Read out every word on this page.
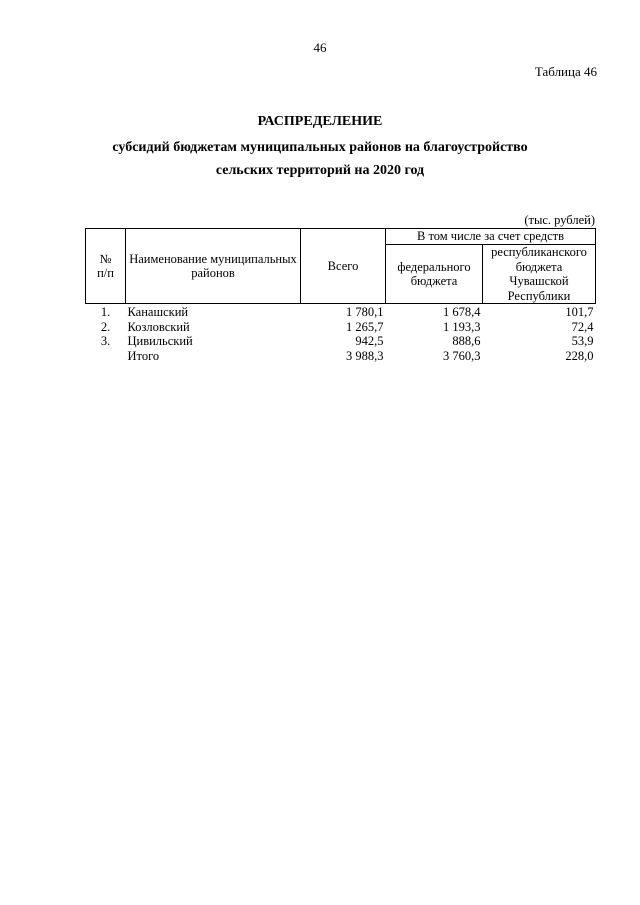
46
Таблица 46
РАСПРЕДЕЛЕНИЕ
субсидий бюджетам муниципальных районов на благоустройство
сельских территорий на 2020 год
(тыс. рублей)
№
п/п	Наименование муниципальных районов	Всего	В том числе за счет средств	
			федерального бюджета	республиканского бюджета Чувашской Республики
1.	Канашский	1 780,1	1 678,4	101,7
2.	Козловский	1 265,7	1 193,3	72,4
3.	Цивильский	942,5	888,6	53,9
	Итого	3 988,3	3 760,3	228,0
